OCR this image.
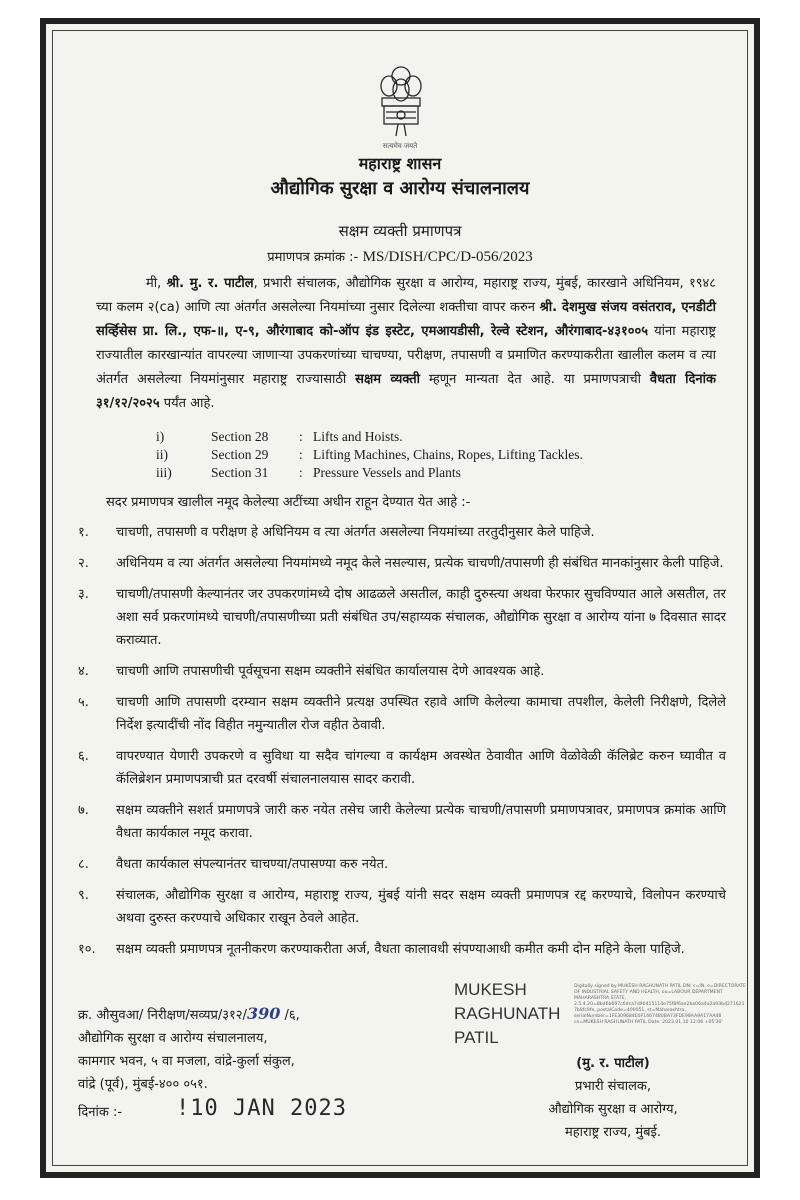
सत्यमेव जयते
महाराष्ट्र शासन
औद्योगिक सुरक्षा व आरोग्य संचालनालय
सक्षम व्यक्ती प्रमाणपत्र
प्रमाणपत्र क्रमांक :- MS/DISH/CPC/D-056/2023

मी, श्री. मु. र. पाटील, प्रभारी संचालक, औद्योगिक सुरक्षा व आरोग्य, महाराष्ट्र राज्य, मुंबई, कारखाने अधिनियम, १९४८ च्या कलम २(ca) आणि त्या अंतर्गत असलेल्या नियमांच्या नुसार दिलेल्या शक्तीचा वापर करुन श्री. देशमुख संजय वसंतराव, एनडीटी सर्व्हिसेस प्रा. लि., एफ-॥, ए-९, औरंगाबाद को-ऑप इंड इस्टेट, एमआयडीसी, रेल्वे स्टेशन, औरंगाबाद-४३१००५ यांना महाराष्ट्र राज्यातील कारखान्यांत वापरल्या जाणाऱ्या उपकरणांच्या चाचण्या, परीक्षण, तपासणी व प्रमाणित करण्याकरीता खालील कलम व त्या अंतर्गत असलेल्या नियमांनुसार महाराष्ट्र राज्यासाठी सक्षम व्यक्ती म्हणून मान्यता देत आहे. या प्रमाणपत्राची वैधता दिनांक ३१/१२/२०२५ पर्यंत आहे.

i)	Section 28	: Lifts and Hoists.
ii)	Section 29	: Lifting Machines, Chains, Ropes, Lifting Tackles.
iii)	Section 31	: Pressure Vessels and Plants
सदर प्रमाणपत्र खालील नमूद केलेल्या अटींच्या अधीन राहून देण्यात येत आहे :-
१.	चाचणी, तपासणी व परीक्षण हे अधिनियम व त्या अंतर्गत असलेल्या नियमांच्या तरतुदीनुसार केले पाहिजे.
२.	अधिनियम व त्या अंतर्गत असलेल्या नियमांमध्ये नमूद केले नसल्यास, प्रत्येक चाचणी/तपासणी ही संबंधित मानकांनुसार केली पाहिजे.
३.	चाचणी/तपासणी केल्यानंतर जर उपकरणांमध्ये दोष आढळले असतील, काही दुरुस्त्या अथवा फेरफार सुचविण्यात आले असतील, तर अशा सर्व प्रकरणांमध्ये चाचणी/तपासणीच्या प्रती संबंधित उप/सहाय्यक संचालक, औद्योगिक सुरक्षा व आरोग्य यांना ७ दिवसात सादर कराव्यात.
४.	चाचणी आणि तपासणीची पूर्वसूचना सक्षम व्यक्तीने संबंधित कार्यालयास देणे आवश्यक आहे.
५.	चाचणी आणि तपासणी दरम्यान सक्षम व्यक्तीने प्रत्यक्ष उपस्थित रहावे आणि केलेल्या कामाचा तपशील, केलेली निरीक्षणे, दिलेले निर्देश इत्यादींची नोंद विहीत नमुन्यातील रोज वहीत ठेवावी.
६.	वापरण्यात येणारी उपकरणे व सुविधा या सदैव चांगल्या व कार्यक्षम अवस्थेत ठेवावीत आणि वेळोवेळी कॅलिब्रेट करुन घ्यावीत व कॅलिब्रेशन प्रमाणपत्राची प्रत दरवर्षी संचालनालयास सादर करावी.
७.	सक्षम व्यक्तीने सशर्त प्रमाणपत्रे जारी करु नयेत तसेच जारी केलेल्या प्रत्येक चाचणी/तपासणी प्रमाणपत्रावर, प्रमाणपत्र क्रमांक आणि वैधता कार्यकाल नमूद करावा.
८.	वैधता कार्यकाल संपल्यानंतर चाचण्या/तपासण्या करु नयेत.
९.	संचालक, औद्योगिक सुरक्षा व आरोग्य, महाराष्ट्र राज्य, मुंबई यांनी सदर सक्षम व्यक्ती प्रमाणपत्र रद्द करण्याचे, विलोपन करण्याचे अथवा दुरुस्त करण्याचे अधिकार राखून ठेवले आहेत.
१०.	सक्षम व्यक्ती प्रमाणपत्र नूतनीकरण करण्याकरीता अर्ज, वैधता कालावधी संपण्याआधी कमीत कमी दोन महिने केला पाहिजे.
क्र. औसुवआ/ निरीक्षण/सव्यप्र/३१२/390 /६,
औद्योगिक सुरक्षा व आरोग्य संचालनालय,
कामगार भवन, ५ वा मजला, वांद्रे-कुर्ला संकुल,
वांद्रे (पूर्व), मुंबई-४०० ०५१.
दिनांक :- !10 JAN 2023
MUKESH
RAGHUNATH
PATIL
Digitally signed by MUKESH RAGHUNATH PATIL DN: c=IN, o=DIRECTORATE OF INDUSTRIAL SAFETY AND HEALTH, ou=LABOUR DEPARTMENT MAHARASHTRA STATE, 2.5.4.20=8bd6b697c6dca7d90415114e75f8f6ae2ba06a4a2a93bd2716217b8fc9fe, postalCode=400051, st=Maharashtra, serialNumber=1FE309684E0F1467480BA73FDE98AA9A17AA48 cn=MUKESH RAGHUNATH PATIL Date: 2023.01.10 12:06 +05'30'
(मु. र. पाटील)
प्रभारी संचालक,
औद्योगिक सुरक्षा व आरोग्य,
महाराष्ट्र राज्य, मुंबई.
